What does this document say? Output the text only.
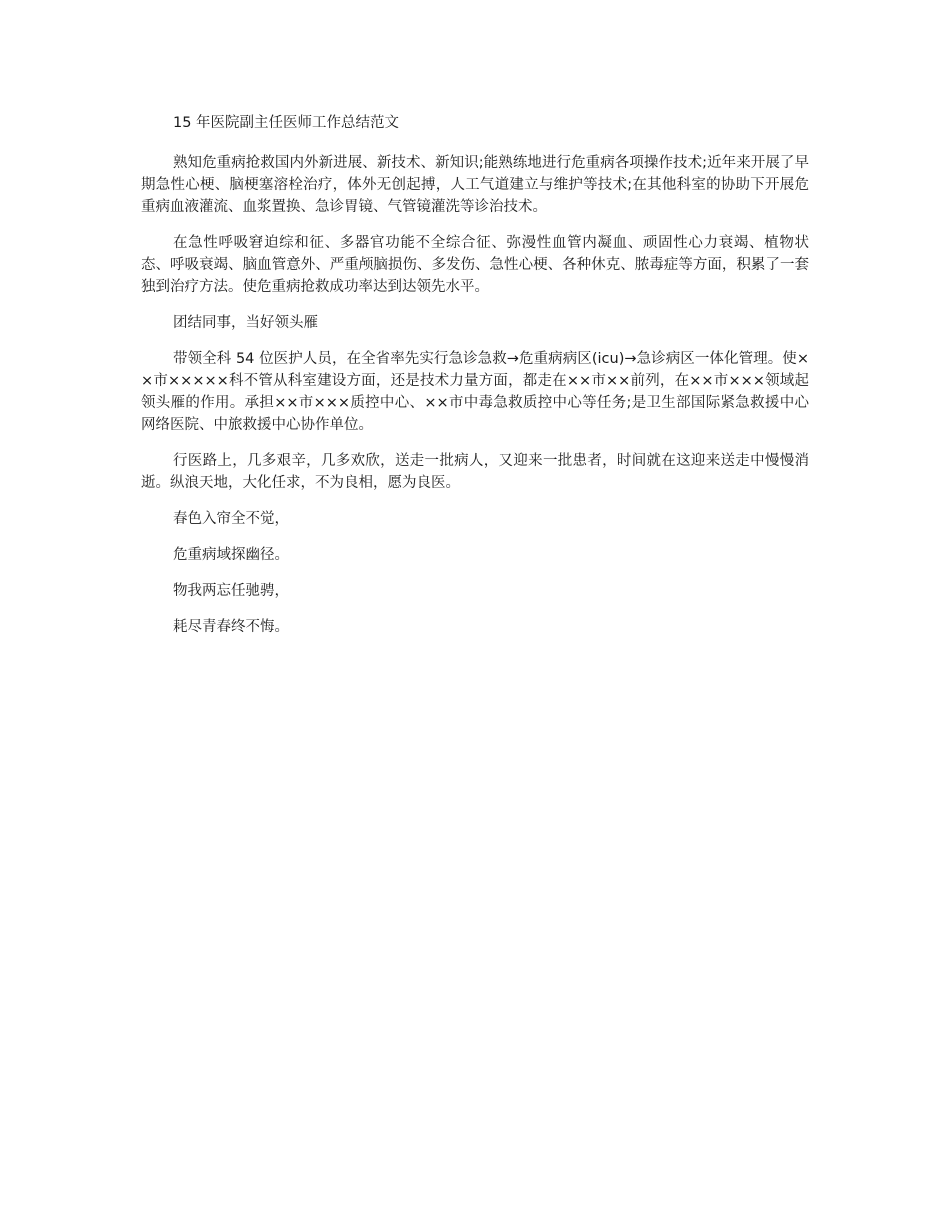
15 年医院副主任医师工作总结范文

熟知危重病抢救国内外新进展、新技术、新知识;能熟练地进行危重病各项操作技术;近年来开展了早期急性心梗、脑梗塞溶栓治疗，体外无创起搏，人工气道建立与维护等技术;在其他科室的协助下开展危重病血液灌流、血浆置换、急诊胃镜、气管镜灌洗等诊治技术。

在急性呼吸窘迫综和征、多器官功能不全综合征、弥漫性血管内凝血、顽固性心力衰竭、植物状态、呼吸衰竭、脑血管意外、严重颅脑损伤、多发伤、急性心梗、各种休克、脓毒症等方面，积累了一套独到治疗方法。使危重病抢救成功率达到达领先水平。

团结同事，当好领头雁

带领全科 54 位医护人员，在全省率先实行急诊急救→危重病病区(icu)→急诊病区一体化管理。使××市×××××科不管从科室建设方面，还是技术力量方面，都走在××市××前列，在××市×××领域起领头雁的作用。承担××市×××质控中心、××市中毒急救质控中心等任务;是卫生部国际紧急救援中心网络医院、中旅救援中心协作单位。

行医路上，几多艰辛，几多欢欣，送走一批病人，又迎来一批患者，时间就在这迎来送走中慢慢消逝。纵浪天地，大化任求，不为良相，愿为良医。

春色入帘全不觉，

危重病域探幽径。

物我两忘任驰骋，

耗尽青春终不悔。
